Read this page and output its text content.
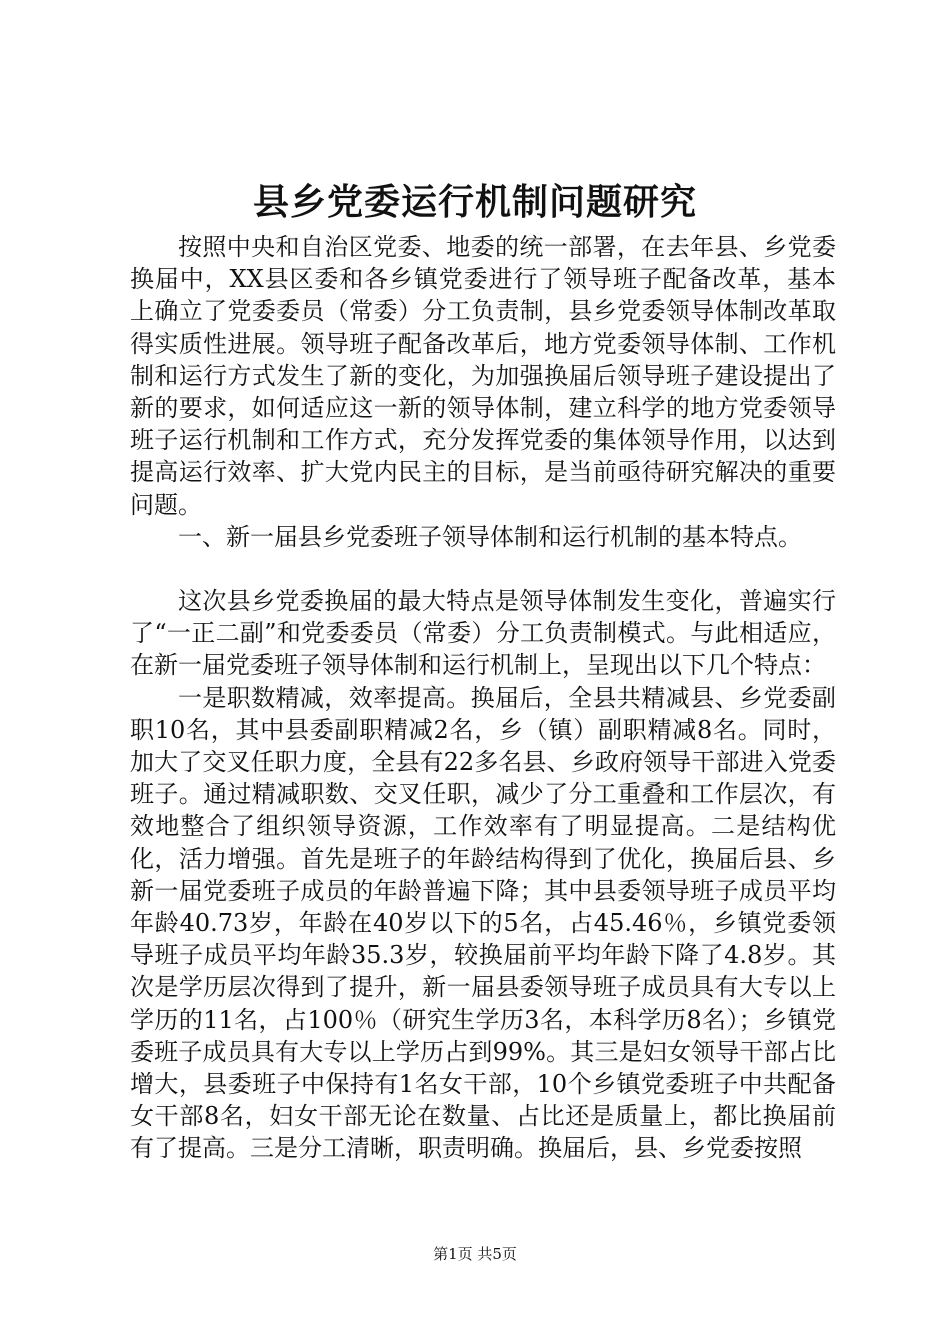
县乡党委运行机制问题研究

按照中央和自治区党委、地委的统一部署，在去年县、乡党委换届中，XX县区委和各乡镇党委进行了领导班子配备改革，基本上确立了党委委员（常委）分工负责制，县乡党委领导体制改革取得实质性进展。领导班子配备改革后，地方党委领导体制、工作机制和运行方式发生了新的变化，为加强换届后领导班子建设提出了新的要求，如何适应这一新的领导体制，建立科学的地方党委领导班子运行机制和工作方式，充分发挥党委的集体领导作用，以达到提高运行效率、扩大党内民主的目标，是当前亟待研究解决的重要问题。

一、新一届县乡党委班子领导体制和运行机制的基本特点。

这次县乡党委换届的最大特点是领导体制发生变化，普遍实行了“一正二副”和党委委员（常委）分工负责制模式。与此相适应，在新一届党委班子领导体制和运行机制上，呈现出以下几个特点：

一是职数精减，效率提高。换届后，全县共精减县、乡党委副职10名，其中县委副职精减2名，乡（镇）副职精减8名。同时，加大了交叉任职力度，全县有22多名县、乡政府领导干部进入党委班子。通过精减职数、交叉任职，减少了分工重叠和工作层次，有效地整合了组织领导资源，工作效率有了明显提高。二是结构优化，活力增强。首先是班子的年龄结构得到了优化，换届后县、乡新一届党委班子成员的年龄普遍下降；其中县委领导班子成员平均年龄40.73岁，年龄在40岁以下的5名，占45.46％，乡镇党委领导班子成员平均年龄35.3岁，较换届前平均年龄下降了4.8岁。其次是学历层次得到了提升，新一届县委领导班子成员具有大专以上学历的11名，占100％（研究生学历3名，本科学历8名）；乡镇党委班子成员具有大专以上学历占到99%。其三是妇女领导干部占比增大，县委班子中保持有1名女干部，10个乡镇党委班子中共配备女干部8名，妇女干部无论在数量、占比还是质量上，都比换届前有了提高。三是分工清晰，职责明确。换届后，县、乡党委按照

第1页 共5页
